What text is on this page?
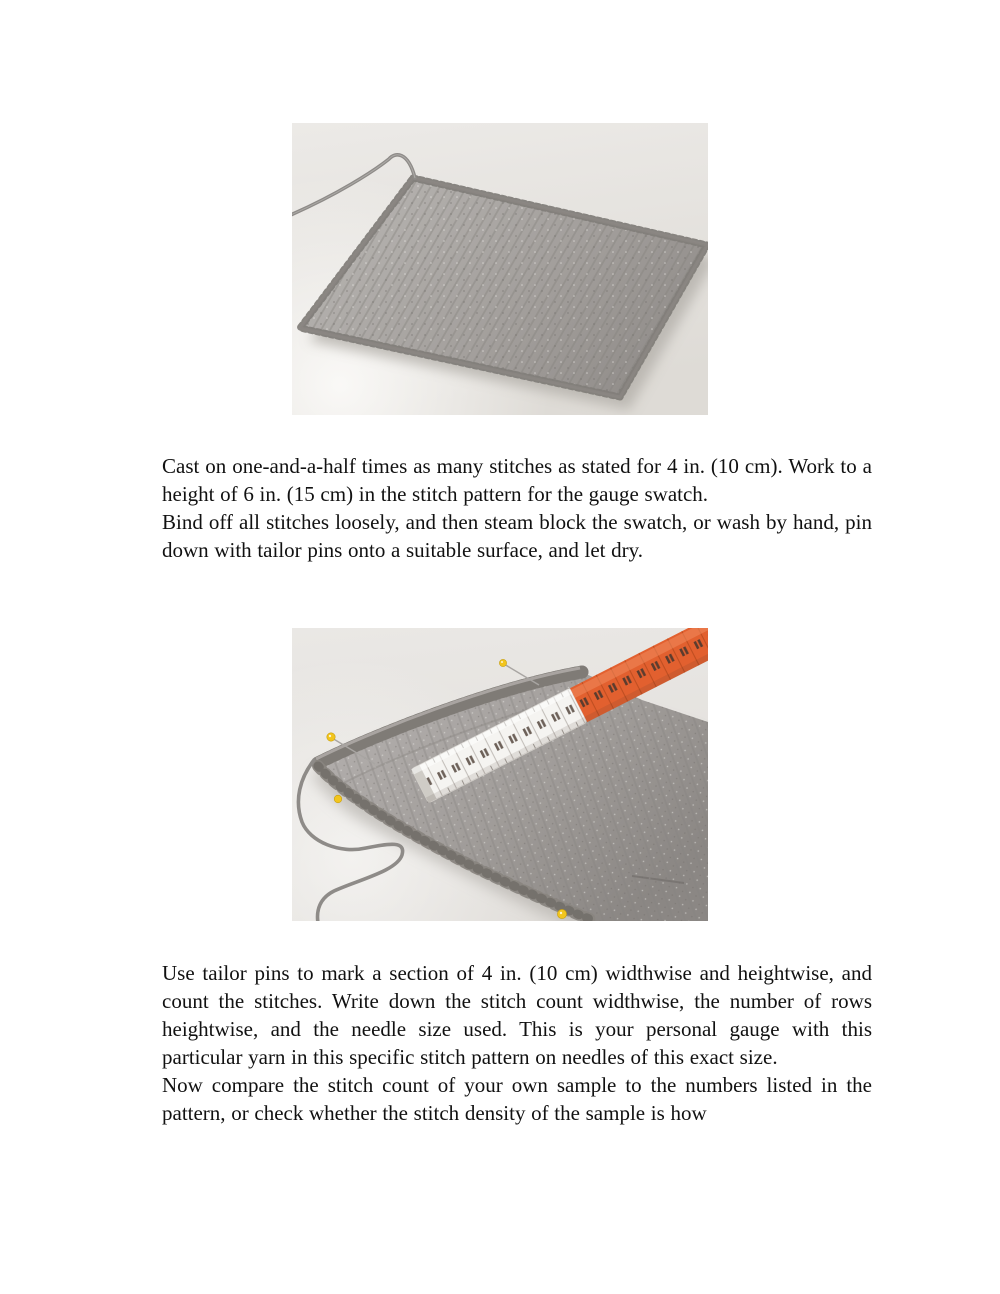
Cast on one-and-a-half times as many stitches as stated for 4 in. (10 cm). Work to a height of 6 in. (15 cm) in the stitch pattern for the gauge swatch.

Bind off all stitches loosely, and then steam block the swatch, or wash by hand, pin down with tailor pins onto a suitable surface, and let dry.

Use tailor pins to mark a section of 4 in. (10 cm) widthwise and heightwise, and count the stitches. Write down the stitch count widthwise, the number of rows heightwise, and the needle size used. This is your personal gauge with this particular yarn in this specific stitch pattern on needles of this exact size.

Now compare the stitch count of your own sample to the numbers listed in the pattern, or check whether the stitch density of the sample is how
